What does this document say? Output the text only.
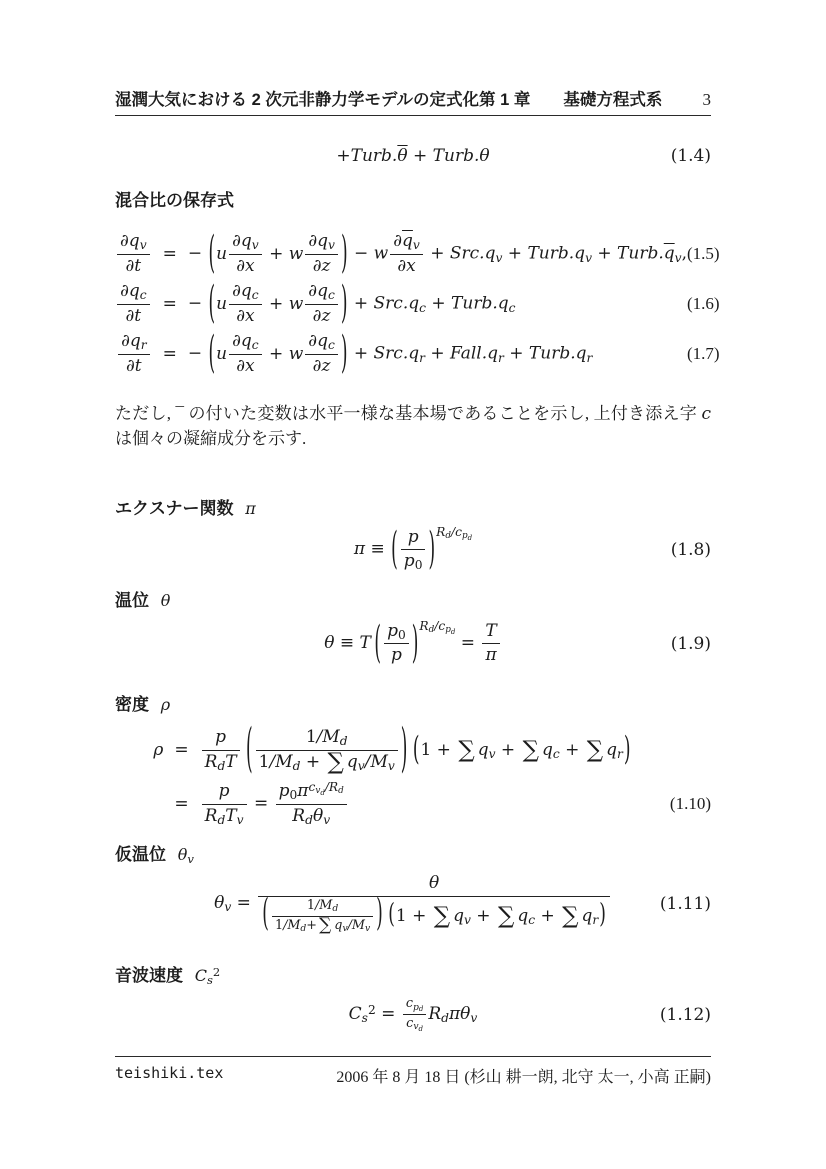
湿潤大気における 2 次元非静力学モデルの定式化第 1 章　　基礎方程式系 3
$+Turb.\overline{\theta}$ + Turb.θ	(1.4)
混合比の保存式
$\frac{\partial q_v}{\partial t}$ = − ($u \frac{\partial q_v}{\partial x} + w \frac{\partial q_v}{\partial z}$ ) − w $\frac{\partial\overline{q}_v}{\partial x} + Src.q_v$ + $Turb.q_v$ + $Turb.\overline{q}_v$, (1.5)
$\frac{\partial q_c}{\partial t}$ = − ($u \frac{\partial q_c}{\partial x} + w \frac{\partial q_c}{\partial z}$ ) + $Src.q_c$ + $Turb.q_c$	(1.6)
$\frac{\partial q_r}{\partial t}$ = − ($u \frac{\partial q_c}{\partial x} + w \frac{\partial q_c}{\partial z}$ ) + $Src.q_r$ + $Fall.q_r$ + $Turb.q_r$	(1.7)

ただし, ¯ の付いた変数は水平一様な基本場であることを示し, 上付き添え字 c は個々の凝縮成分を示す.

エクスナー関数 π
π ≡ ( $\frac{p}{p_0} )^{R_d/c_{p_d}}$
(1.8)
温位 θ
θ ≡ T ( $\frac{p_0}{p} )^{R_d/c_{p_d}} = \frac{T}{\pi}$	(1.9)
密度 ρ
ρ =
p
$R_dT$ ( $\frac{1/M_d}{1/M_d + \sum q_v/M_v}$ ) (1 + ∑ $q_v$ + ∑ $q_c$ + ∑ $q_r$)
=
p
$R_dT_v$
=
$p_0\pi^{c_{v_d}/R_d}$
$R_d\theta_v$
(1.10)
仮温位 $\theta_v$
$\theta_v = \frac{\theta}{( \frac{1/M_d}{1/M_d+ \sum q_v/M_v} ) (1 + \sum q_v + \sum q_c + \sum q_r)}$	(1.11)
音波速度 $C_s^2$
$C_s^2$ =
$c_{p_d}$
$c_{v_d}$
$R_d\pi\theta_v$	(1.12)
teishiki.tex	2006 年 8 月 18 日 (杉山 耕一朗, 北守 太一, 小高 正嗣)
